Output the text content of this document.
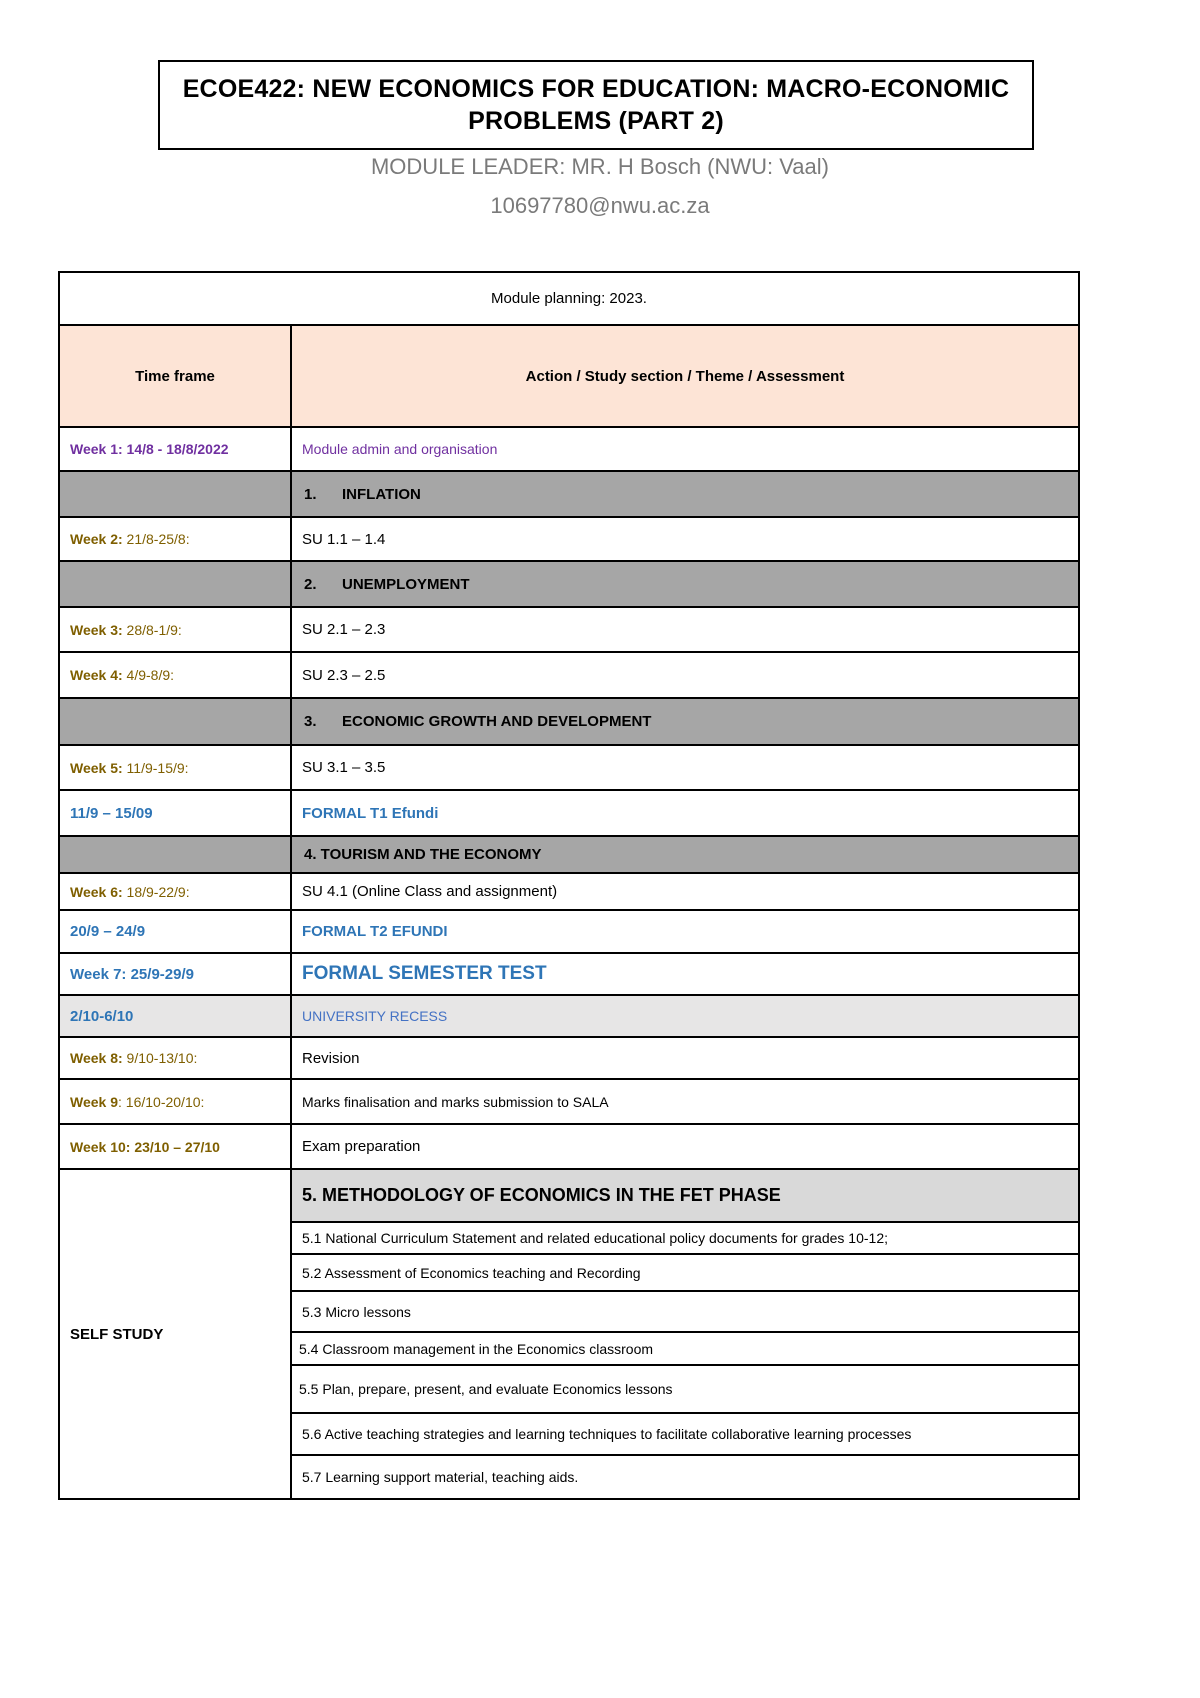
ECOE422: NEW ECONOMICS FOR EDUCATION: MACRO-ECONOMIC PROBLEMS (PART 2)
MODULE LEADER: MR. H Bosch (NWU: Vaal)
10697780@nwu.ac.za
Module planning: 2023.	
Time frame	Action / Study section / Theme / Assessment
Week 1: 14/8 - 18/8/2022	Module admin and organisation
	1. INFLATION
Week 2: 21/8-25/8:	SU 1.1 – 1.4
	2. UNEMPLOYMENT
Week 3: 28/8-1/9:	SU 2.1 – 2.3
Week 4: 4/9-8/9:	SU 2.3 – 2.5
	3. ECONOMIC GROWTH AND DEVELOPMENT
Week 5: 11/9-15/9:	SU 3.1 – 3.5
11/9 – 15/09	FORMAL T1 Efundi
	4. TOURISM AND THE ECONOMY
Week 6: 18/9-22/9:	SU 4.1 (Online Class and assignment)
20/9 – 24/9	FORMAL T2 EFUNDI
Week 7: 25/9-29/9	FORMAL SEMESTER TEST
2/10-6/10	UNIVERSITY RECESS
Week 8: 9/10-13/10:	Revision
Week 9: 16/10-20/10:	Marks finalisation and marks submission to SALA
Week 10: 23/10 – 27/10	Exam preparation
SELF STUDY	5. METHODOLOGY OF ECONOMICS IN THE FET PHASE
	5.1 National Curriculum Statement and related educational policy documents for grades 10-12;
	5.2 Assessment of Economics teaching and Recording
	5.3 Micro lessons
	5.4 Classroom management in the Economics classroom
	5.5 Plan, prepare, present, and evaluate Economics lessons
	5.6 Active teaching strategies and learning techniques to facilitate collaborative learning processes
	5.7 Learning support material, teaching aids.
